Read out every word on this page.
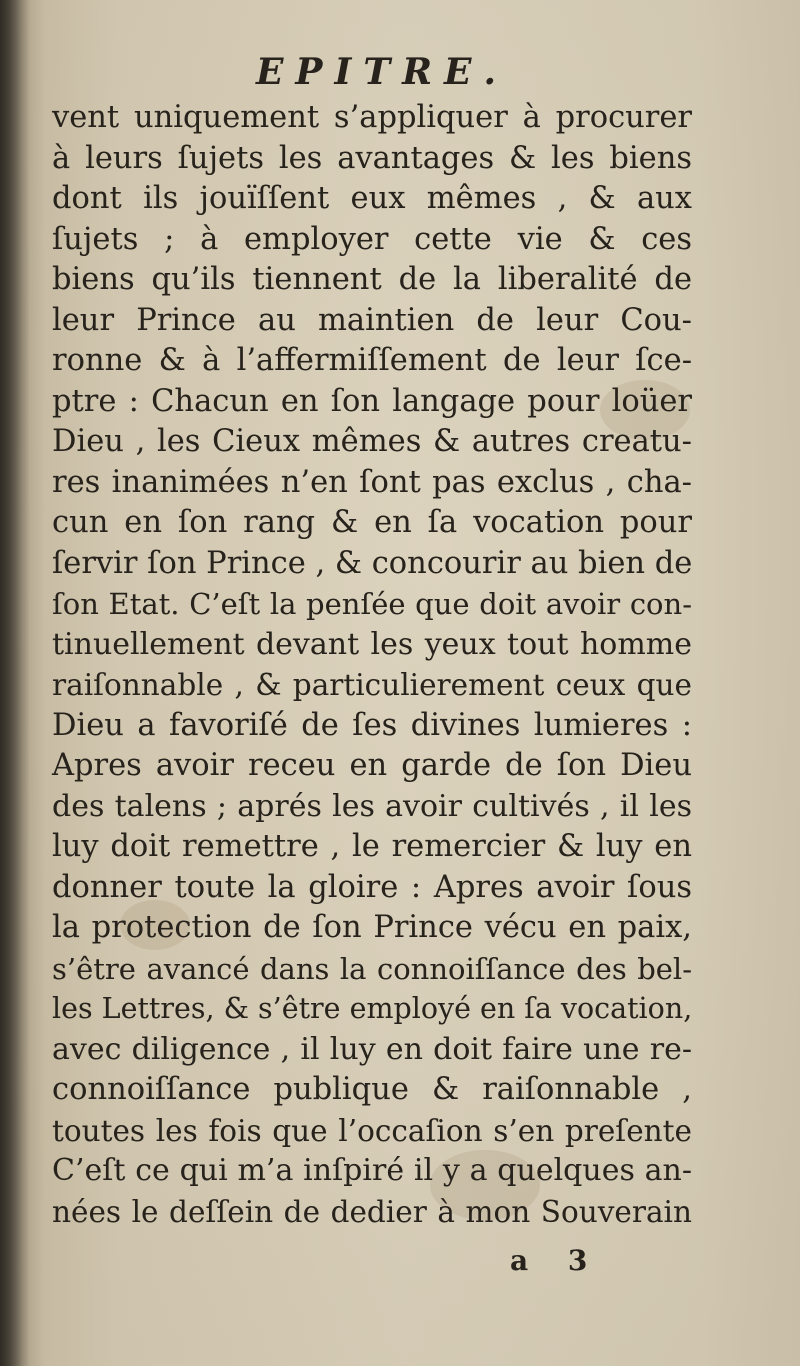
EPITRE.
vent uniquement s’appliquer à procurer
à leurs ſujets les avantages & les biens
dont ils jouïſſent eux mêmes , & aux
ſujets ; à employer cette vie & ces
biens qu’ils tiennent de la liberalité de
leur Prince au maintien de leur Cou-
ronne & à l’affermiſſement de leur ſce-
ptre : Chacun en ſon langage pour loüer
Dieu , les Cieux mêmes & autres creatu-
res inanimées n’en ſont pas exclus , cha-
cun en ſon rang & en ſa vocation pour
ſervir ſon Prince , & concourir au bien de
ſon Etat. C’eſt la penſée que doit avoir con-
tinuellement devant les yeux tout homme
raiſonnable , & particulierement ceux que
Dieu a favoriſé de ſes divines lumieres :
Apres avoir receu en garde de ſon Dieu
des talens ; aprés les avoir cultivés , il les
luy doit remettre , le remercier & luy en
donner toute la gloire : Apres avoir ſous
la protection de ſon Prince vécu en paix,
s’être avancé dans la connoiſſance des bel-
les Lettres, & s’être employé en ſa vocation,
avec diligence , il luy en doit faire une re-
connoiſſance publique & raiſonnable ,
toutes les fois que l’occaſion s’en preſente
C’eſt ce qui m’a inſpiré il y a quelques an-
nées le deſſein de dedier à mon Souverain
a 3
